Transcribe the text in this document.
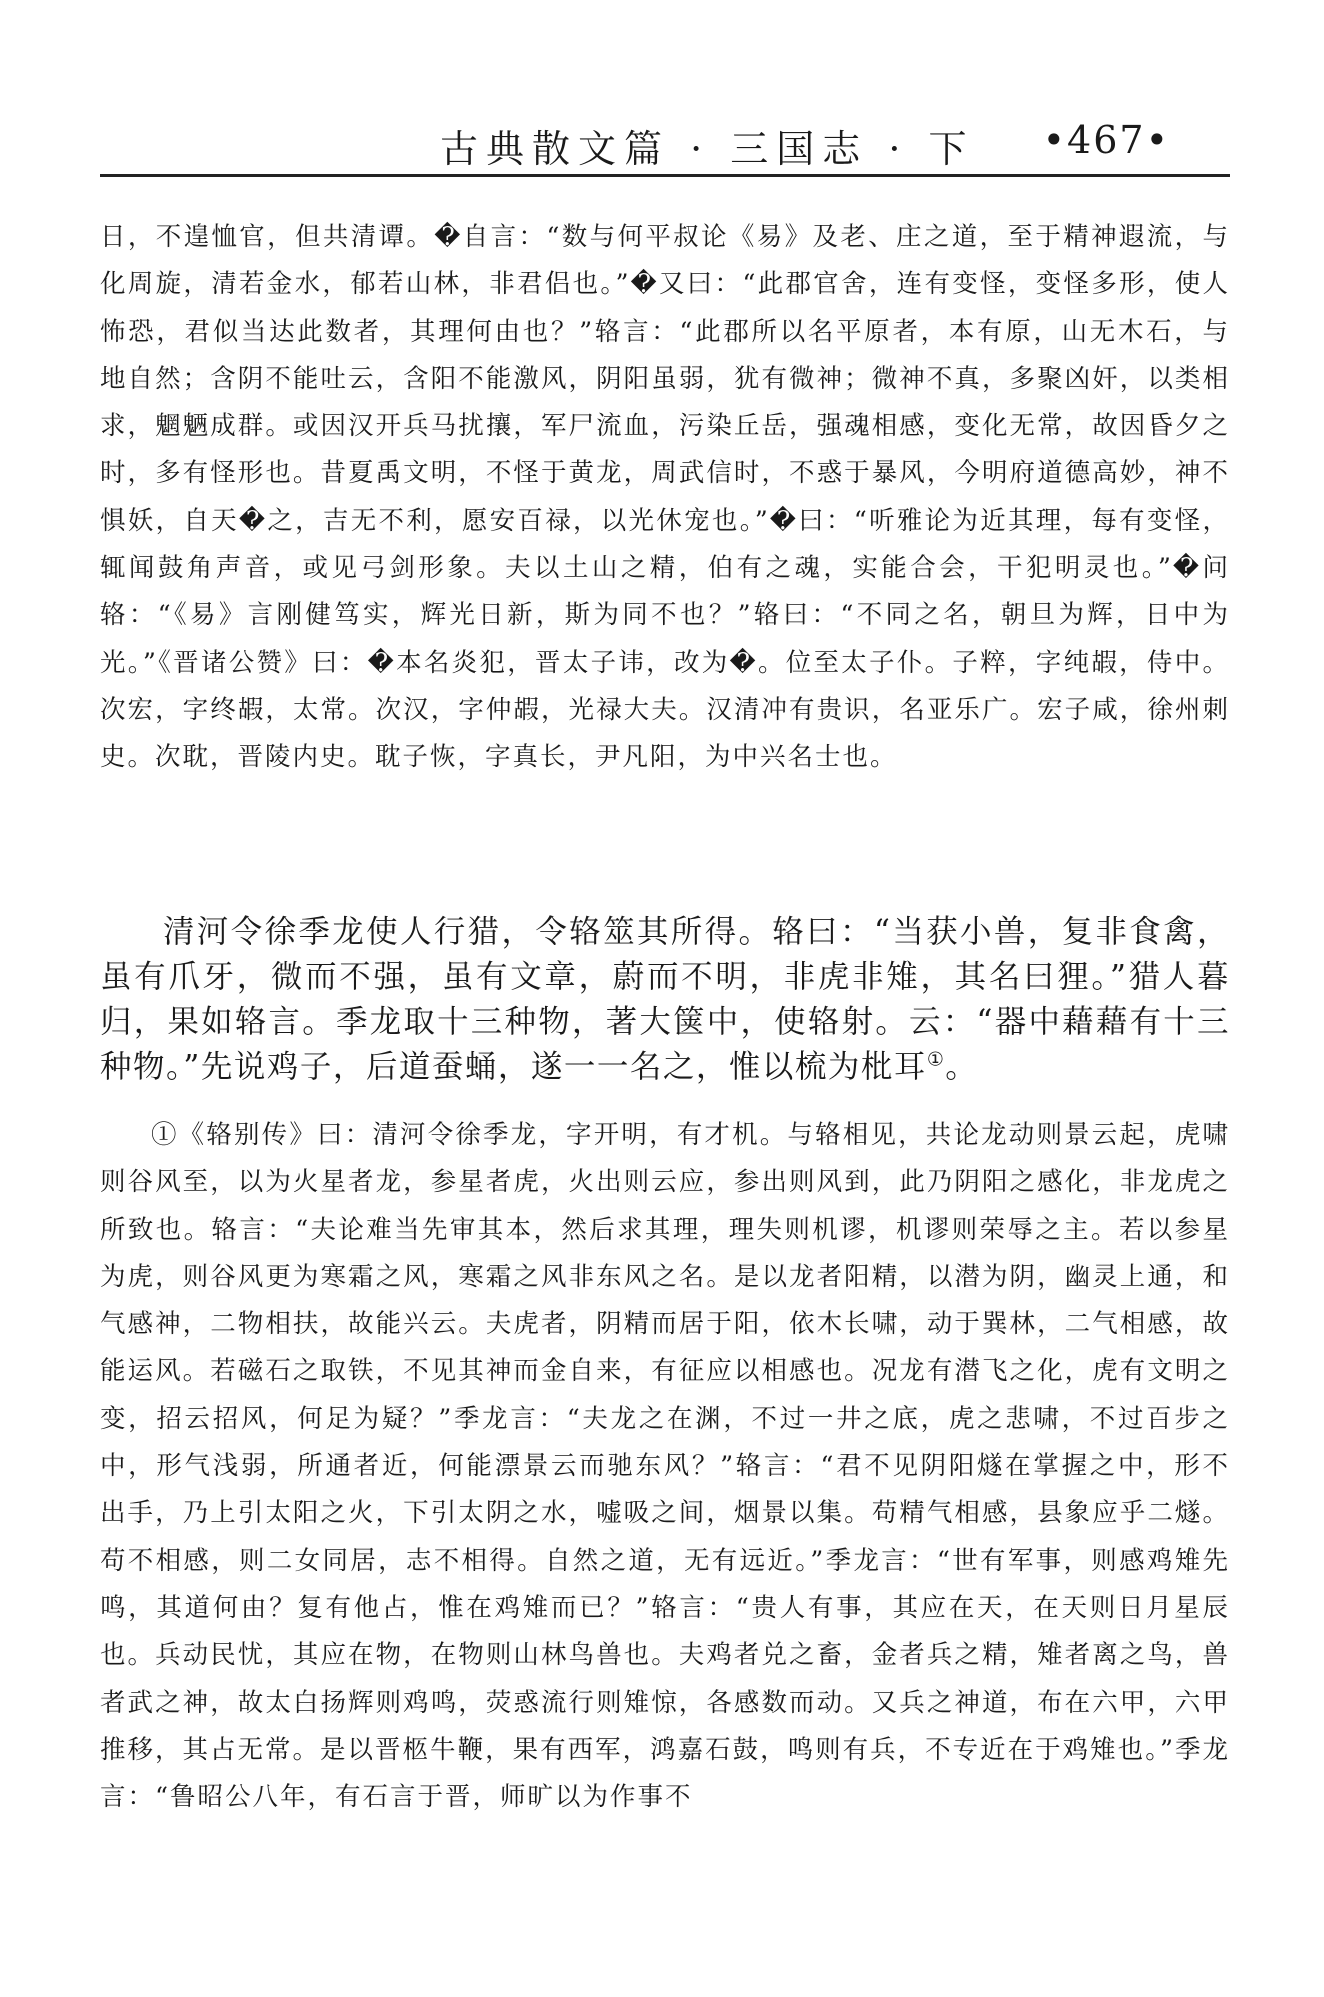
古典散文篇 · 三国志 · 下 •467•

日，不遑恤官，但共清谭。�自言：“数与何平叔论《易》及老、庄之道，至于精神遐流，与化周旋，清若金水，郁若山林，非君侣也。”�又曰：“此郡官舍，连有变怪，变怪多形，使人怖恐，君似当达此数者，其理何由也？”辂言：“此郡所以名平原者，本有原，山无木石，与地自然；含阴不能吐云，含阳不能激风，阴阳虽弱，犹有微神；微神不真，多聚凶奸，以类相求，魍魉成群。或因汉开兵马扰攘，军尸流血，污染丘岳，强魂相感，变化无常，故因昏夕之时，多有怪形也。昔夏禹文明，不怪于黄龙，周武信时，不惑于暴风，今明府道德高妙，神不惧妖，自天�之，吉无不利，愿安百禄，以光休宠也。”�曰：“听雅论为近其理，每有变怪，辄闻鼓角声音，或见弓剑形象。夫以土山之精，伯有之魂，实能合会，干犯明灵也。”�问辂：“《易》言刚健笃实，辉光日新，斯为同不也？”辂曰：“不同之名，朝旦为辉，日中为光。”《晋诸公赞》曰：�本名炎犯，晋太子讳，改为�。位至太子仆。子粹，字纯嘏，侍中。次宏，字终嘏，太常。次汉，字仲嘏，光禄大夫。汉清冲有贵识，名亚乐广。宏子咸，徐州刺史。次耽，晋陵内史。耽子恢，字真长，尹凡阳，为中兴名士也。

清河令徐季龙使人行猎，令辂筮其所得。辂曰：“当获小兽，复非食禽，虽有爪牙，微而不强，虽有文章，蔚而不明，非虎非雉，其名曰狸。”猎人暮归，果如辂言。季龙取十三种物，著大箧中，使辂射。云：“器中藉藉有十三种物。”先说鸡子，后道蚕蛹，遂一一名之，惟以梳为枇耳①。

①《辂别传》曰：清河令徐季龙，字开明，有才机。与辂相见，共论龙动则景云起，虎啸则谷风至，以为火星者龙，参星者虎，火出则云应，参出则风到，此乃阴阳之感化，非龙虎之所致也。辂言：“夫论难当先审其本，然后求其理，理失则机谬，机谬则荣辱之主。若以参星为虎，则谷风更为寒霜之风，寒霜之风非东风之名。是以龙者阳精，以潜为阴，幽灵上通，和气感神，二物相扶，故能兴云。夫虎者，阴精而居于阳，依木长啸，动于巽林，二气相感，故能运风。若磁石之取铁，不见其神而金自来，有征应以相感也。况龙有潜飞之化，虎有文明之变，招云招风，何足为疑？”季龙言：“夫龙之在渊，不过一井之底，虎之悲啸，不过百步之中，形气浅弱，所通者近，何能漂景云而驰东风？”辂言：“君不见阴阳燧在掌握之中，形不出手，乃上引太阳之火，下引太阴之水，嘘吸之间，烟景以集。苟精气相感，县象应乎二燧。苟不相感，则二女同居，志不相得。自然之道，无有远近。”季龙言：“世有军事，则感鸡雉先鸣，其道何由？复有他占，惟在鸡雉而已？”辂言：“贵人有事，其应在天，在天则日月星辰也。兵动民忧，其应在物，在物则山林鸟兽也。夫鸡者兑之畜，金者兵之精，雉者离之鸟，兽者武之神，故太白扬辉则鸡鸣，荧惑流行则雉惊，各感数而动。又兵之神道，布在六甲，六甲推移，其占无常。是以晋柩牛鞭，果有西军，鸿嘉石鼓，鸣则有兵，不专近在于鸡雉也。”季龙言：“鲁昭公八年，有石言于晋，师旷以为作事不
